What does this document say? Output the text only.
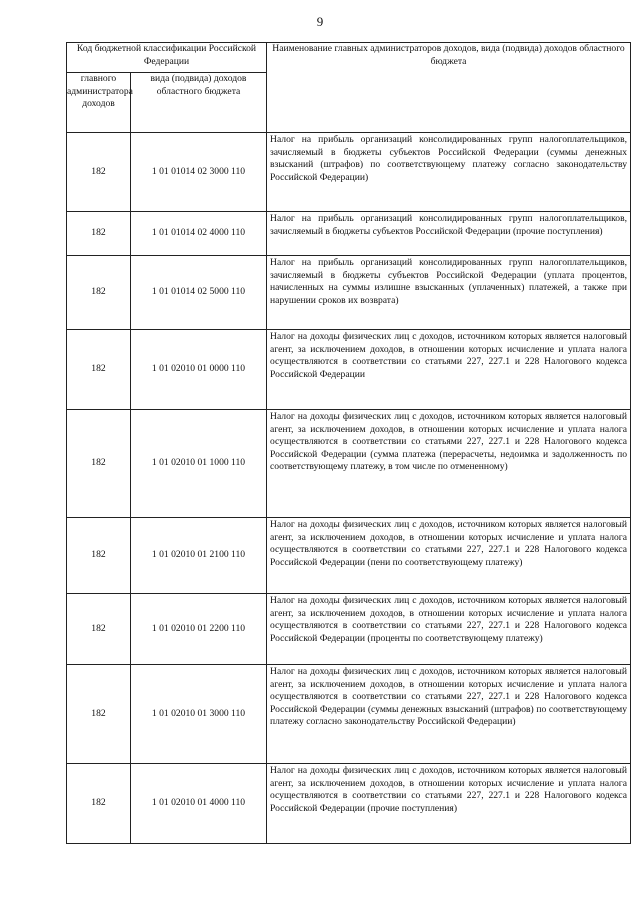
9
Код бюджетной классификации Российской Федерации		Наименование главных администраторов доходов, вида (подвида) доходов областного бюджета
главного администратора доходов	вида (подвида) доходов областного бюджета	
182	1 01 01014 02 3000 110	Налог на прибыль организаций консолидированных групп налогоплательщиков, зачисляемый в бюджеты субъектов Российской Федерации (суммы денежных взысканий (штрафов) по соответствующему платежу согласно законодательству Российской Федерации)
182	1 01 01014 02 4000 110	Налог на прибыль организаций консолидированных групп налогоплательщиков, зачисляемый в бюджеты субъектов Российской Федерации (прочие поступления)
182	1 01 01014 02 5000 110	Налог на прибыль организаций консолидированных групп налогоплательщиков, зачисляемый в бюджеты субъектов Российской Федерации (уплата процентов, начисленных на суммы излишне взысканных (уплаченных) платежей, а также при нарушении сроков их возврата)
182	1 01 02010 01 0000 110	Налог на доходы физических лиц с доходов, источником которых является налоговый агент, за исключением доходов, в отношении которых исчисление и уплата налога осуществляются в соответствии со статьями 227, 227.1 и 228 Налогового кодекса Российской Федерации
182	1 01 02010 01 1000 110	Налог на доходы физических лиц с доходов, источником которых является налоговый агент, за исключением доходов, в отношении которых исчисление и уплата налога осуществляются в соответствии со статьями 227, 227.1 и 228 Налогового кодекса Российской Федерации (сумма платежа (перерасчеты, недоимка и задолженность по соответствующему платежу, в том числе по отмененному)
182	1 01 02010 01 2100 110	Налог на доходы физических лиц с доходов, источником которых является налоговый агент, за исключением доходов, в отношении которых исчисление и уплата налога осуществляются в соответствии со статьями 227, 227.1 и 228 Налогового кодекса Российской Федерации (пени по соответствующему платежу)
182	1 01 02010 01 2200 110	Налог на доходы физических лиц с доходов, источником которых является налоговый агент, за исключением доходов, в отношении которых исчисление и уплата налога осуществляются в соответствии со статьями 227, 227.1 и 228 Налогового кодекса Российской Федерации (проценты по соответствующему платежу)
182	1 01 02010 01 3000 110	Налог на доходы физических лиц с доходов, источником которых является налоговый агент, за исключением доходов, в отношении которых исчисление и уплата налога осуществляются в соответствии со статьями 227, 227.1 и 228 Налогового кодекса Российской Федерации (суммы денежных взысканий (штрафов) по соответствующему платежу согласно законодательству Российской Федерации)
182	1 01 02010 01 4000 110	Налог на доходы физических лиц с доходов, источником которых является налоговый агент, за исключением доходов, в отношении которых исчисление и уплата налога осуществляются в соответствии со статьями 227, 227.1 и 228 Налогового кодекса Российской Федерации (прочие поступления)
